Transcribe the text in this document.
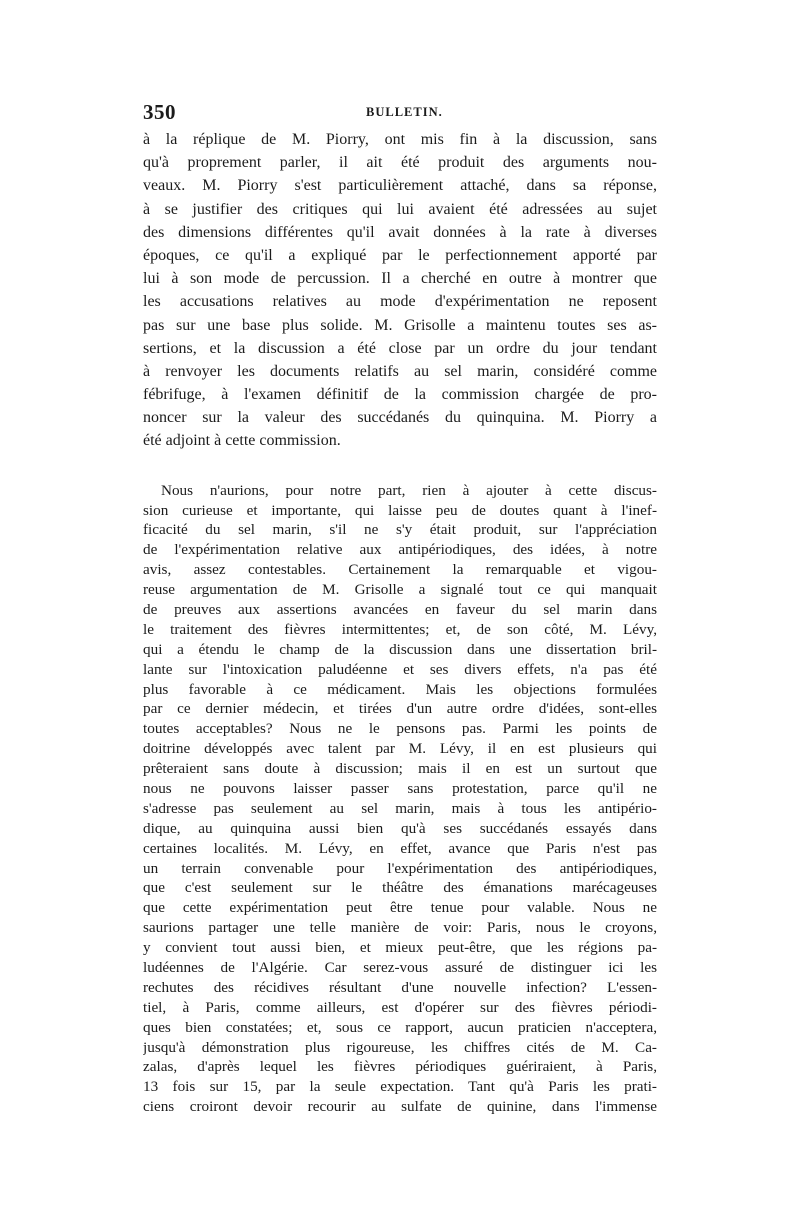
350	BULLETIN.
à la réplique de M. Piorry, ont mis fin à la discussion, sans
qu'à proprement parler, il ait été produit des arguments nou-
veaux. M. Piorry s'est particulièrement attaché, dans sa réponse,
à se justifier des critiques qui lui avaient été adressées au sujet
des dimensions différentes qu'il avait données à la rate à diverses
époques, ce qu'il a expliqué par le perfectionnement apporté par
lui à son mode de percussion. Il a cherché en outre à montrer que
les accusations relatives au mode d'expérimentation ne reposent
pas sur une base plus solide. M. Grisolle a maintenu toutes ses as-
sertions, et la discussion a été close par un ordre du jour tendant
à renvoyer les documents relatifs au sel marin, considéré comme
fébrifuge, à l'examen définitif de la commission chargée de pro-
noncer sur la valeur des succédanés du quinquina. M. Piorry a
été adjoint à cette commission.
Nous n'aurions, pour notre part, rien à ajouter à cette discus-
sion curieuse et importante, qui laisse peu de doutes quant à l'inef-
ficacité du sel marin, s'il ne s'y était produit, sur l'appréciation
de l'expérimentation relative aux antipériodiques, des idées, à notre
avis, assez contestables. Certainement la remarquable et vigou-
reuse argumentation de M. Grisolle a signalé tout ce qui manquait
de preuves aux assertions avancées en faveur du sel marin dans
le traitement des fièvres intermittentes; et, de son côté, M. Lévy,
qui a étendu le champ de la discussion dans une dissertation bril-
lante sur l'intoxication paludéenne et ses divers effets, n'a pas été
plus favorable à ce médicament. Mais les objections formulées
par ce dernier médecin, et tirées d'un autre ordre d'idées, sont-elles
toutes acceptables? Nous ne le pensons pas. Parmi les points de
doitrine développés avec talent par M. Lévy, il en est plusieurs qui
prêteraient sans doute à discussion; mais il en est un surtout que
nous ne pouvons laisser passer sans protestation, parce qu'il ne
s'adresse pas seulement au sel marin, mais à tous les antipério-
dique, au quinquina aussi bien qu'à ses succédanés essayés dans
certaines localités. M. Lévy, en effet, avance que Paris n'est pas
un terrain convenable pour l'expérimentation des antipériodiques,
que c'est seulement sur le théâtre des émanations marécageuses
que cette expérimentation peut être tenue pour valable. Nous ne
saurions partager une telle manière de voir: Paris, nous le croyons,
y convient tout aussi bien, et mieux peut-être, que les régions pa-
ludéennes de l'Algérie. Car serez-vous assuré de distinguer ici les
rechutes des récidives résultant d'une nouvelle infection? L'essen-
tiel, à Paris, comme ailleurs, est d'opérer sur des fièvres périodi-
ques bien constatées; et, sous ce rapport, aucun praticien n'acceptera,
jusqu'à démonstration plus rigoureuse, les chiffres cités de M. Ca-
zalas, d'après lequel les fièvres périodiques guériraient, à Paris,
13 fois sur 15, par la seule expectation. Tant qu'à Paris les prati-
ciens croiront devoir recourir au sulfate de quinine, dans l'immense
